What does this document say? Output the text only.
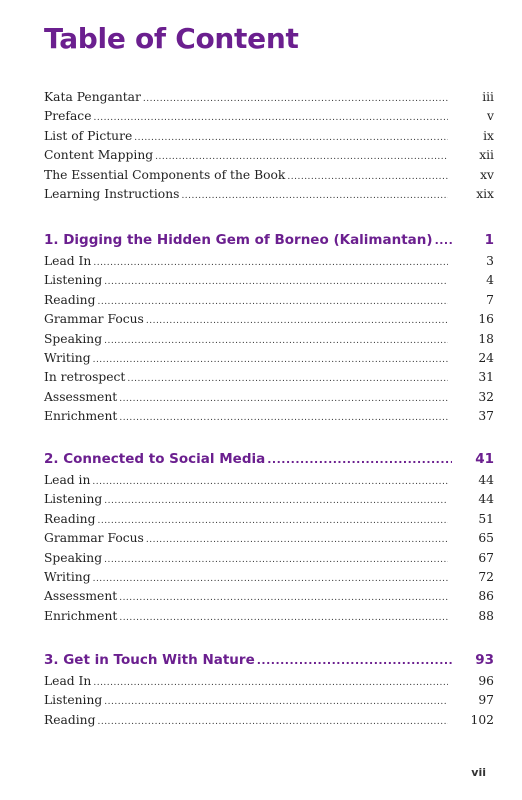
Table of Content
Kata Pengantar .....	iii
Preface .....	v
List of Picture .....	ix
Content Mapping .....	xii
The Essential Components of the Book .....	xv
Learning Instructions .....	xix
1. Digging the Hidden Gem of Borneo (Kalimantan) .....	1
Lead In .....	3
Listening .....	4
Reading .....	7
Grammar Focus .....	16
Speaking .....	18
Writing .....	24
In retrospect .....	31
Assessment .....	32
Enrichment .....	37
2. Connected to Social Media .....	41
Lead in .....	44
Listening .....	44
Reading .....	51
Grammar Focus .....	65
Speaking .....	67
Writing .....	72
Assessment .....	86
Enrichment .....	88
3. Get in Touch With Nature .....	93
Lead In .....	96
Listening .....	97
Reading .....	102
vii
